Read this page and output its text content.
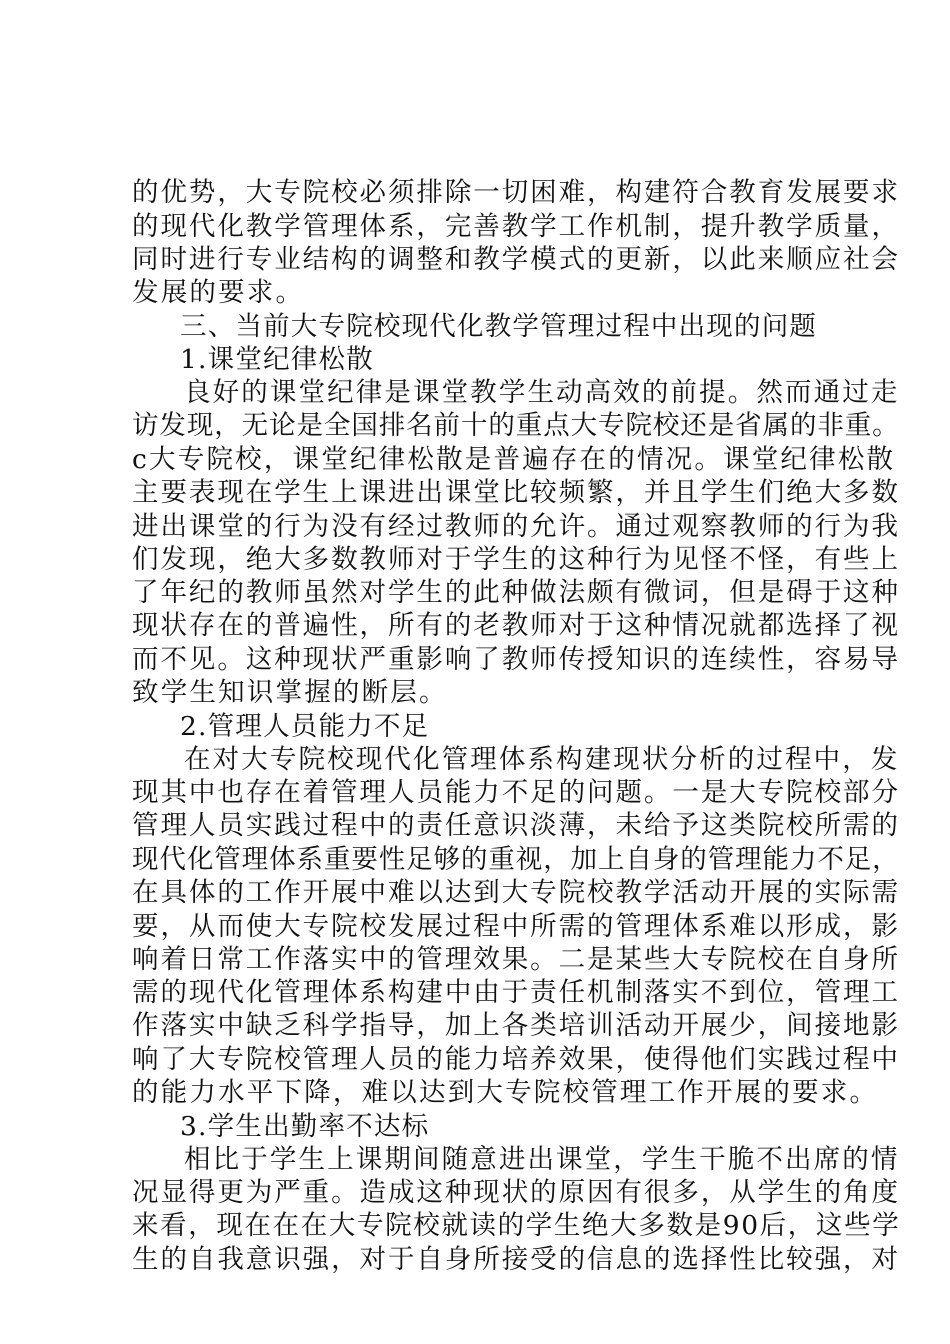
的优势，大专院校必须排除一切困难，构建符合教育发展要求
的现代化教学管理体系，完善教学工作机制，提升教学质量，
同时进行专业结构的调整和教学模式的更新，以此来顺应社会
发展的要求。
三、当前大专院校现代化教学管理过程中出现的问题
1.课堂纪律松散
良好的课堂纪律是课堂教学生动高效的前提。然而通过走
访发现，无论是全国排名前十的重点大专院校还是省属的非重。
c大专院校，课堂纪律松散是普遍存在的情况。课堂纪律松散
主要表现在学生上课进出课堂比较频繁，并且学生们绝大多数
进出课堂的行为没有经过教师的允许。通过观察教师的行为我
们发现，绝大多数教师对于学生的这种行为见怪不怪，有些上
了年纪的教师虽然对学生的此种做法颇有微词，但是碍于这种
现状存在的普遍性，所有的老教师对于这种情况就都选择了视
而不见。这种现状严重影响了教师传授知识的连续性，容易导
致学生知识掌握的断层。
2.管理人员能力不足
在对大专院校现代化管理体系构建现状分析的过程中，发
现其中也存在着管理人员能力不足的问题。一是大专院校部分
管理人员实践过程中的责任意识淡薄，未给予这类院校所需的
现代化管理体系重要性足够的重视，加上自身的管理能力不足，
在具体的工作开展中难以达到大专院校教学活动开展的实际需
要，从而使大专院校发展过程中所需的管理体系难以形成，影
响着日常工作落实中的管理效果。二是某些大专院校在自身所
需的现代化管理体系构建中由于责任机制落实不到位，管理工
作落实中缺乏科学指导，加上各类培训活动开展少，间接地影
响了大专院校管理人员的能力培养效果，使得他们实践过程中
的能力水平下降，难以达到大专院校管理工作开展的要求。
3.学生出勤率不达标
相比于学生上课期间随意进出课堂，学生干脆不出席的情
况显得更为严重。造成这种现状的原因有很多，从学生的角度
来看，现在在在大专院校就读的学生绝大多数是90后，这些学
生的自我意识强，对于自身所接受的信息的选择性比较强，对
